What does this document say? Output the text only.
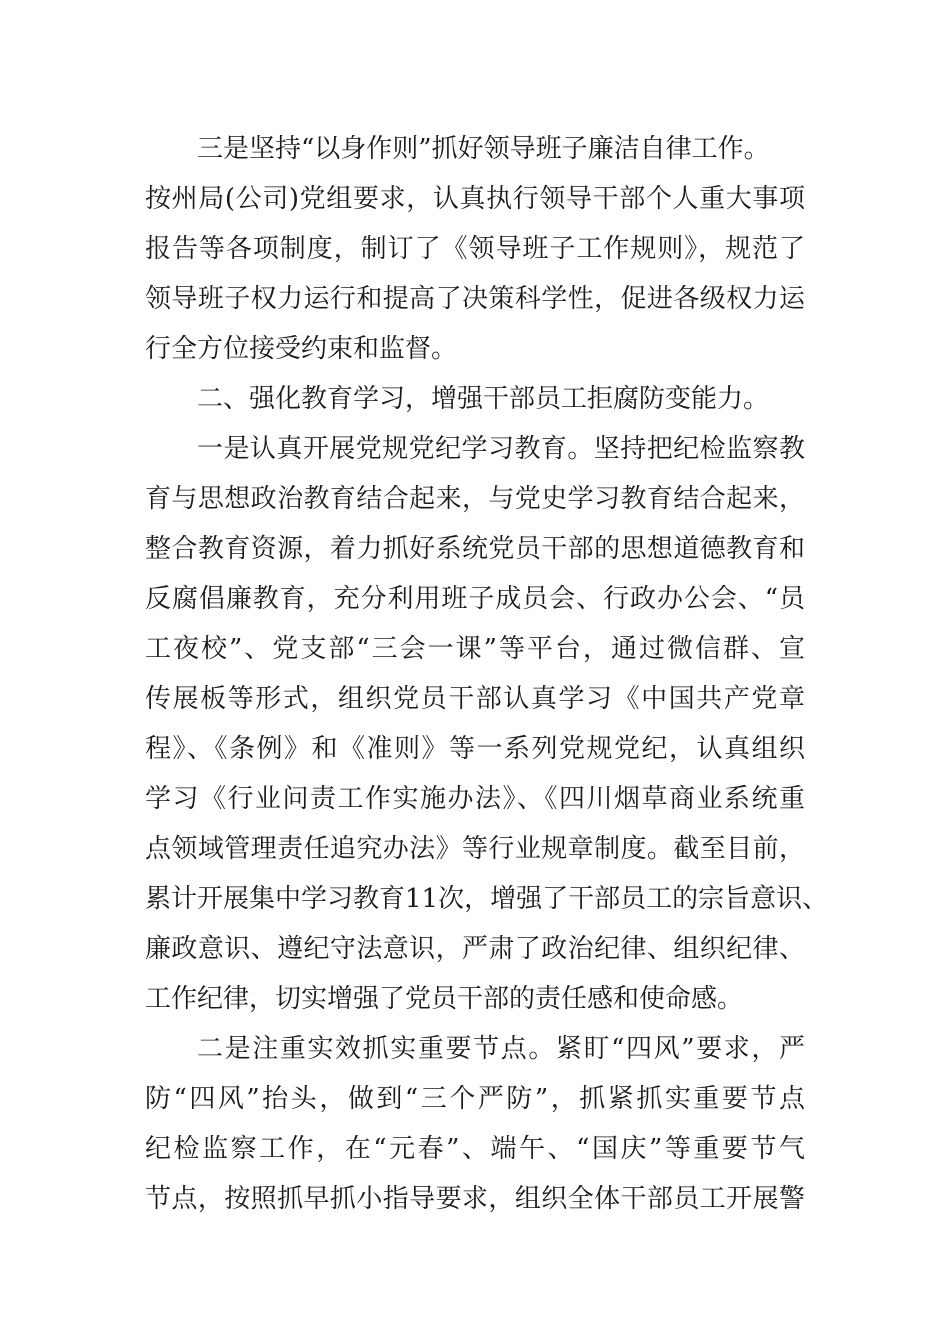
三是坚持“以身作则”抓好领导班子廉洁自律工作。
按州局(公司)党组要求，认真执行领导干部个人重大事项
报告等各项制度，制订了《领导班子工作规则》，规范了
领导班子权力运行和提高了决策科学性，促进各级权力运
行全方位接受约束和监督。
二、强化教育学习，增强干部员工拒腐防变能力。
一是认真开展党规党纪学习教育。坚持把纪检监察教
育与思想政治教育结合起来，与党史学习教育结合起来，
整合教育资源，着力抓好系统党员干部的思想道德教育和
反腐倡廉教育，充分利用班子成员会、行政办公会、“员
工夜校”、党支部“三会一课”等平台，通过微信群、宣
传展板等形式，组织党员干部认真学习《中国共产党章
程》、《条例》和《准则》等一系列党规党纪，认真组织
学习《行业问责工作实施办法》、《四川烟草商业系统重
点领域管理责任追究办法》等行业规章制度。截至目前，
累计开展集中学习教育11次，增强了干部员工的宗旨意识、
廉政意识、遵纪守法意识，严肃了政治纪律、组织纪律、
工作纪律，切实增强了党员干部的责任感和使命感。
二是注重实效抓实重要节点。紧盯“四风”要求，严
防“四风”抬头，做到“三个严防”，抓紧抓实重要节点
纪检监察工作，在“元春”、端午、“国庆”等重要节气
节点，按照抓早抓小指导要求，组织全体干部员工开展警
